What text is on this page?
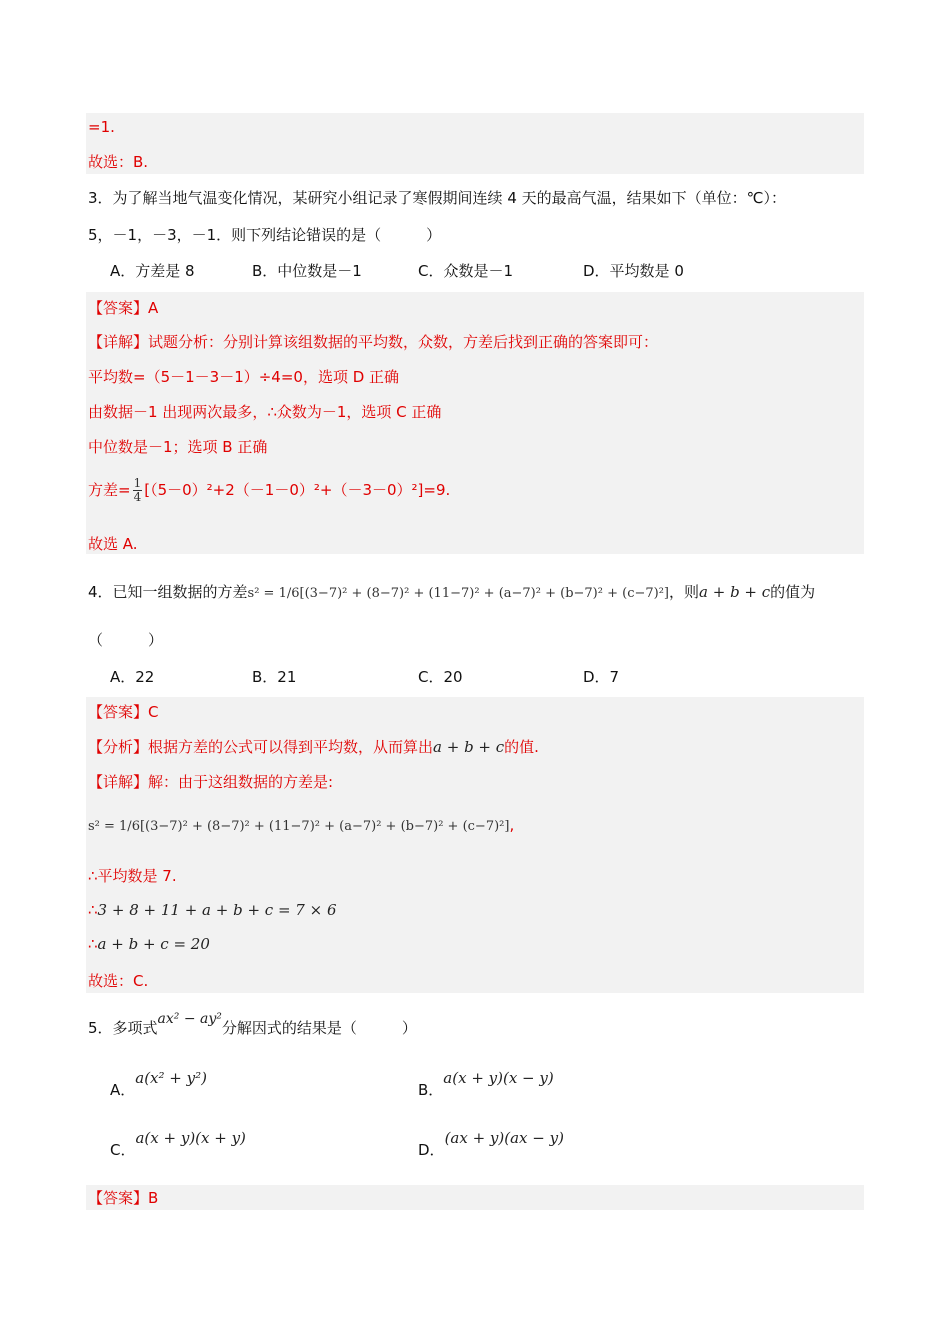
=1.
故选：B.
3．为了解当地气温变化情况，某研究小组记录了寒假期间连续 4 天的最高气温，结果如下（单位：℃）：
5，－1，－3，－1．则下列结论错误的是（　　　）
A．方差是 8	B．中位数是－1	C．众数是－1	D．平均数是 0
【答案】A
【详解】试题分析：分别计算该组数据的平均数，众数，方差后找到正确的答案即可：
平均数=（5－1－3－1）÷4=0，选项 D 正确
由数据－1 出现两次最多，∴众数为－1，选项 C 正确
中位数是－1；选项 B 正确
方差= $\frac{1}{4} [(5-0)^2+2(-1-0)^2+(-3-0)^2]=9$.
故选 A.
4．已知一组数据的方差s² = 1/6[(3−7)² + (8−7)² + (11−7)² + (a−7)² + (b−7)² + (c−7)²]，则a + b + c的值为
（　　　）
A．22	B．21	C．20	D．7
【答案】C
【分析】根据方差的公式可以得到平均数，从而算出a + b + c的值.
【详解】解：由于这组数据的方差是:
s² = 1/6[(3−7)² + (8−7)² + (11−7)² + (a−7)² + (b−7)² + (c−7)²],
∴平均数是 7.
∴3 + 8 + 11 + a + b + c = 7 × 6
∴a + b + c = 20
故选：C.
5．多项式ax² − ay²分解因式的结果是（　　　）
A．a(x² + y²)
B．a(x + y)(x − y)
C．a(x + y)(x + y)
D．(ax + y)(ax − y)
【答案】B
